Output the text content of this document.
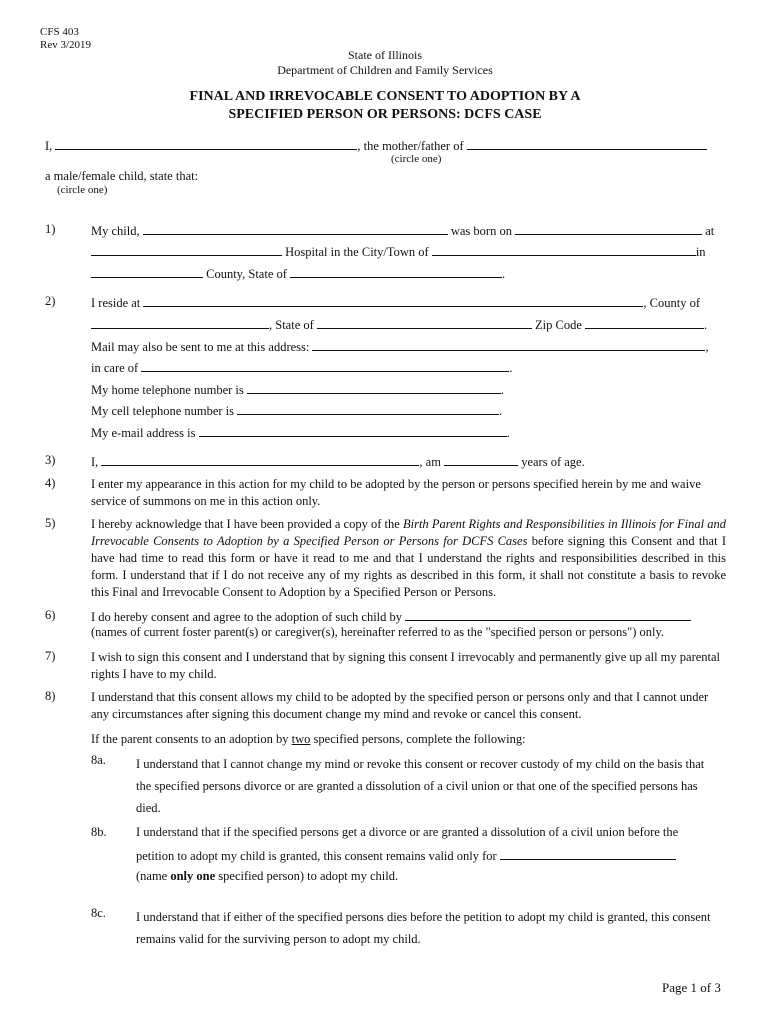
CFS 403
Rev 3/2019
State of Illinois
Department of Children and Family Services
FINAL AND IRREVOCABLE CONSENT TO ADOPTION BY A
SPECIFIED PERSON OR PERSONS: DCFS CASE
I,	, the mother/father of
(circle one)
a male/female child, state that:
(circle one)
1)	My child,	was born on	at
Hospital in the City/Town of	in
County, State of	.
2)	I reside at	, County of
, State of	Zip Code	.
Mail may also be sent to me at this address:	,
in care of	.
My home telephone number is	.
My cell telephone number is	.
My e-mail address is	.
3)	I,	, am	years of age.
4)	I enter my appearance in this action for my child to be adopted by the person or persons specified herein by me and waive service of summons on me in this action only.
5)	I hereby acknowledge that I have been provided a copy of the Birth Parent Rights and Responsibilities in Illinois for Final and Irrevocable Consents to Adoption by a Specified Person or Persons for DCFS Cases before signing this Consent and that I have had time to read this form or have it read to me and that I understand the rights and responsibilities described in this form. I understand that if I do not receive any of my rights as described in this form, it shall not constitute a basis to revoke this Final and Irrevocable Consent to Adoption by a Specified Person or Persons.
6)	I do hereby consent and agree to the adoption of such child by
(names of current foster parent(s) or caregiver(s), hereinafter referred to as the "specified person or persons") only.
7)	I wish to sign this consent and I understand that by signing this consent I irrevocably and permanently give up all my parental rights I have to my child.
8)	I understand that this consent allows my child to be adopted by the specified person or persons only and that I cannot under any circumstances after signing this document change my mind and revoke or cancel this consent.
If the parent consents to an adoption by two specified persons, complete the following:
8a. I understand that I cannot change my mind or revoke this consent or recover custody of my child on the basis that the specified persons divorce or are granted a dissolution of a civil union or that one of the specified persons has died.
8b. I understand that if the specified persons get a divorce or are granted a dissolution of a civil union before the
petition to adopt my child is granted, this consent remains valid only for
(name only one specified person) to adopt my child.
8c. I understand that if either of the specified persons dies before the petition to adopt my child is granted, this consent remains valid for the surviving person to adopt my child.
Page 1 of 3
